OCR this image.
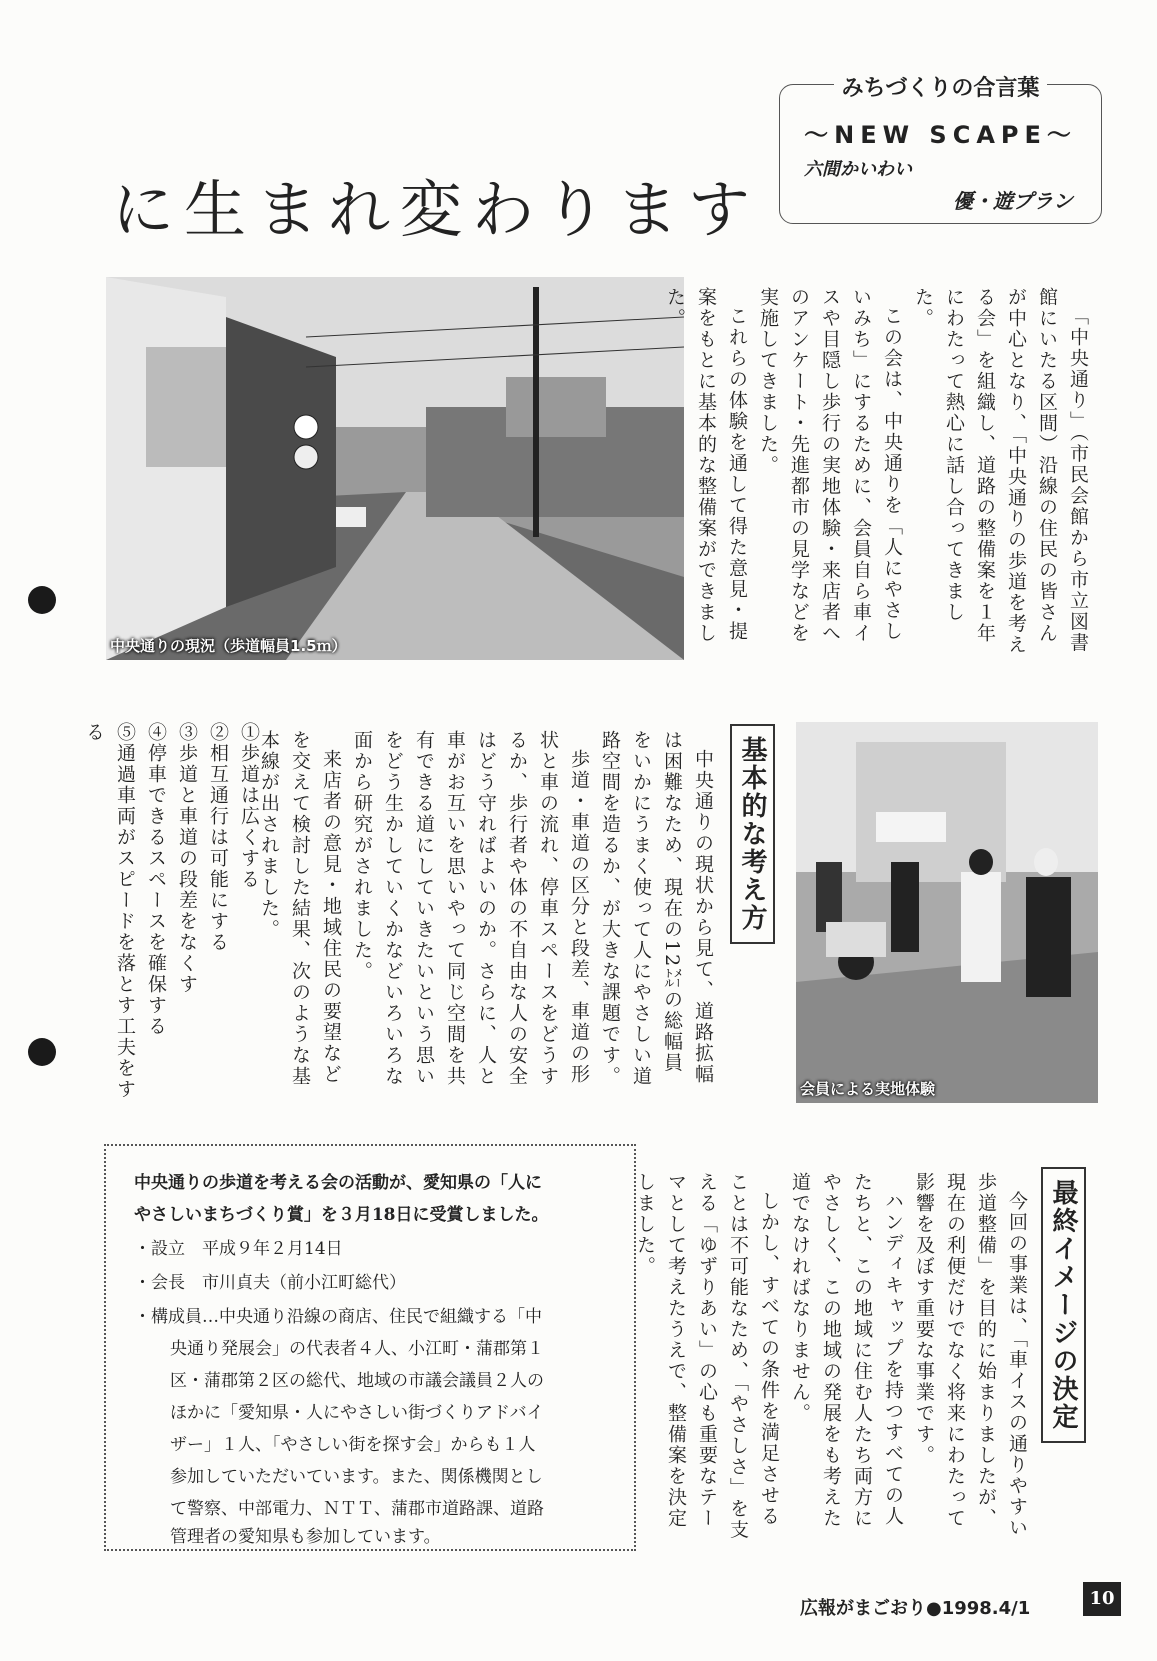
みちづくりの合言葉
〜NEW SCAPE〜
六間かいわい
優・遊プラン
に生まれ変わります
中央通りの現況（歩道幅員1.5ｍ）	「中央通り」（市民会館から市立図書館にいたる区間）沿線の住民の皆さんが中心となり、「中央通りの歩道を考える会」を組織し、道路の整備案を１年にわたって熱心に話し合ってきました。

この会は、中央通りを「人にやさしいみち」にするために、会員自ら車イスや目隠し歩行の実地体験・来店者へのアンケート・先進都市の見学などを実施してきました。

これらの体験を通して得た意見・提案をもとに基本的な整備案ができました。

会員による実地体験
基本的な考え方

中央通りの現状から見て、道路拡幅は困難なため、現在の12㍍の総幅員をいかにうまく使って人にやさしい道路空間を造るか、が大きな課題です。

歩道・車道の区分と段差、車道の形状と車の流れ、停車スペースをどうするか、歩行者や体の不自由な人の安全はどう守ればよいのか。さらに、人と車がお互いを思いやって同じ空間を共有できる道にしていきたいという思いをどう生かしていくかなどいろいろな面から研究がされました。

来店者の意見・地域住民の要望などを交えて検討した結果、次のような基本線が出されました。

①歩道は広くする

②相互通行は可能にする

③歩道と車道の段差をなくす

④停車できるスペースを確保する

⑤通過車両がスピードを落とす工夫をする

最終イメージの決定

今回の事業は、「車イスの通りやすい歩道整備」を目的に始まりましたが、現在の利便だけでなく将来にわたって影響を及ぼす重要な事業です。

ハンディキャップを持つすべての人たちと、この地域に住む人たち両方にやさしく、この地域の発展をも考えた道でなければなりません。

しかし、すべての条件を満足させることは不可能なため、「やさしさ」を支える「ゆずりあい」の心も重要なテーマとして考えたうえで、整備案を決定しました。

中央通りの歩道を考える会の活動が、愛知県の「人に
やさしいまちづくり賞」を３月18日に受賞しました。
・設立　平成９年２月14日
・会長　市川貞夫（前小江町総代）
・構成員…中央通り沿線の商店、住民で組織する「中
央通り発展会」の代表者４人、小江町・蒲郡第１
区・蒲郡第２区の総代、地域の市議会議員２人の
ほかに「愛知県・人にやさしい街づくりアドバイ
ザー」１人、「やさしい街を探す会」からも１人
参加していただいています。また、関係機関とし
て警察、中部電力、ＮＴＴ、蒲郡市道路課、道路
管理者の愛知県も参加しています。
広報がまごおり●1998.4/1	10
